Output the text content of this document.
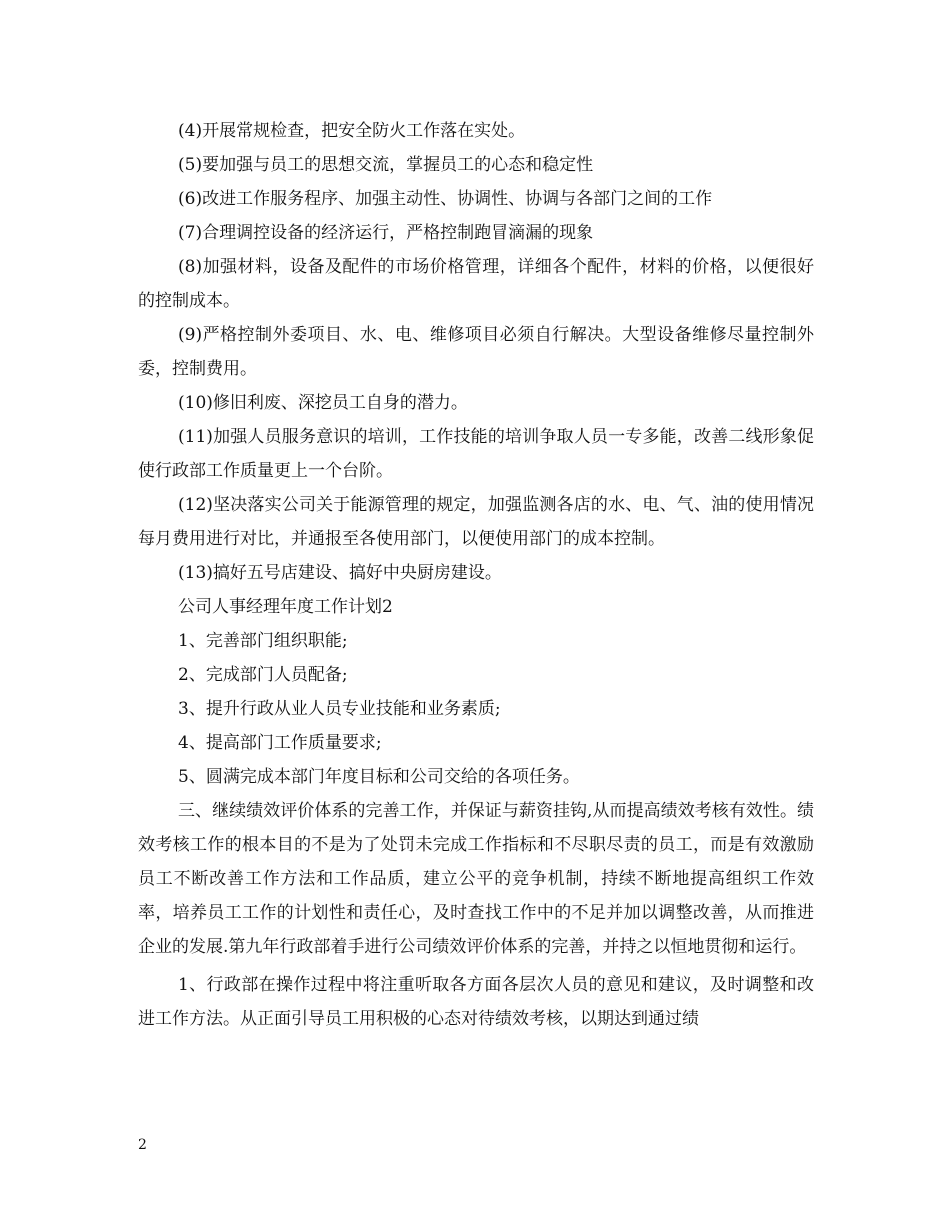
(4)开展常规检查，把安全防火工作落在实处。

(5)要加强与员工的思想交流，掌握员工的心态和稳定性

(6)改进工作服务程序、加强主动性、协调性、协调与各部门之间的工作

(7)合理调控设备的经济运行，严格控制跑冒滴漏的现象

(8)加强材料，设备及配件的市场价格管理，详细各个配件，材料的价格，以便很好的控制成本。

(9)严格控制外委项目、水、电、维修项目必须自行解决。大型设备维修尽量控制外委，控制费用。

(10)修旧利废、深挖员工自身的潜力。

(11)加强人员服务意识的培训，工作技能的培训争取人员一专多能，改善二线形象促使行政部工作质量更上一个台阶。

(12)坚决落实公司关于能源管理的规定，加强监测各店的水、电、气、油的使用情况每月费用进行对比，并通报至各使用部门，以便使用部门的成本控制。

(13)搞好五号店建设、搞好中央厨房建设。

公司人事经理年度工作计划2

1、完善部门组织职能;

2、完成部门人员配备;

3、提升行政从业人员专业技能和业务素质;

4、提高部门工作质量要求;

5、圆满完成本部门年度目标和公司交给的各项任务。

三、继续绩效评价体系的完善工作，并保证与薪资挂钩,从而提高绩效考核有效性。绩效考核工作的根本目的不是为了处罚未完成工作指标和不尽职尽责的员工，而是有效激励员工不断改善工作方法和工作品质，建立公平的竞争机制，持续不断地提高组织工作效率，培养员工工作的计划性和责任心，及时查找工作中的不足并加以调整改善，从而推进企业的发展.第九年行政部着手进行公司绩效评价体系的完善，并持之以恒地贯彻和运行。

1、行政部在操作过程中将注重听取各方面各层次人员的意见和建议，及时调整和改进工作方法。从正面引导员工用积极的心态对待绩效考核，以期达到通过绩

2
